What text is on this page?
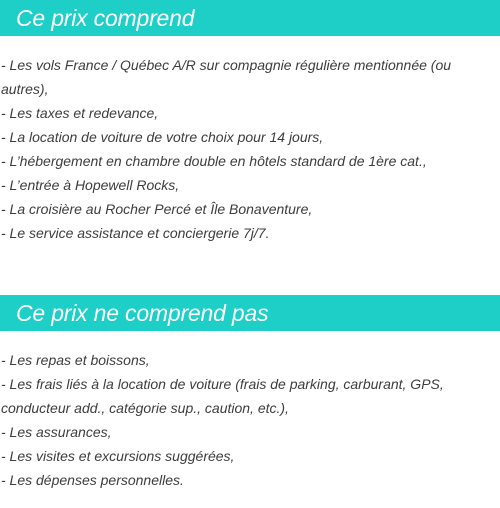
Ce prix comprend
- Les vols France / Québec A/R sur compagnie régulière mentionnée (ou autres),
- Les taxes et redevance,
- La location de voiture de votre choix pour 14 jours,
- L’hébergement en chambre double en hôtels standard de 1ère cat.,
- L’entrée à Hopewell Rocks,
- La croisière au Rocher Percé et Île Bonaventure,
- Le service assistance et conciergerie 7j/7.
Ce prix ne comprend pas
- Les repas et boissons,
- Les frais liés à la location de voiture (frais de parking, carburant, GPS, conducteur add., catégorie sup., caution, etc.),
- Les assurances,
- Les visites et excursions suggérées,
- Les dépenses personnelles.
